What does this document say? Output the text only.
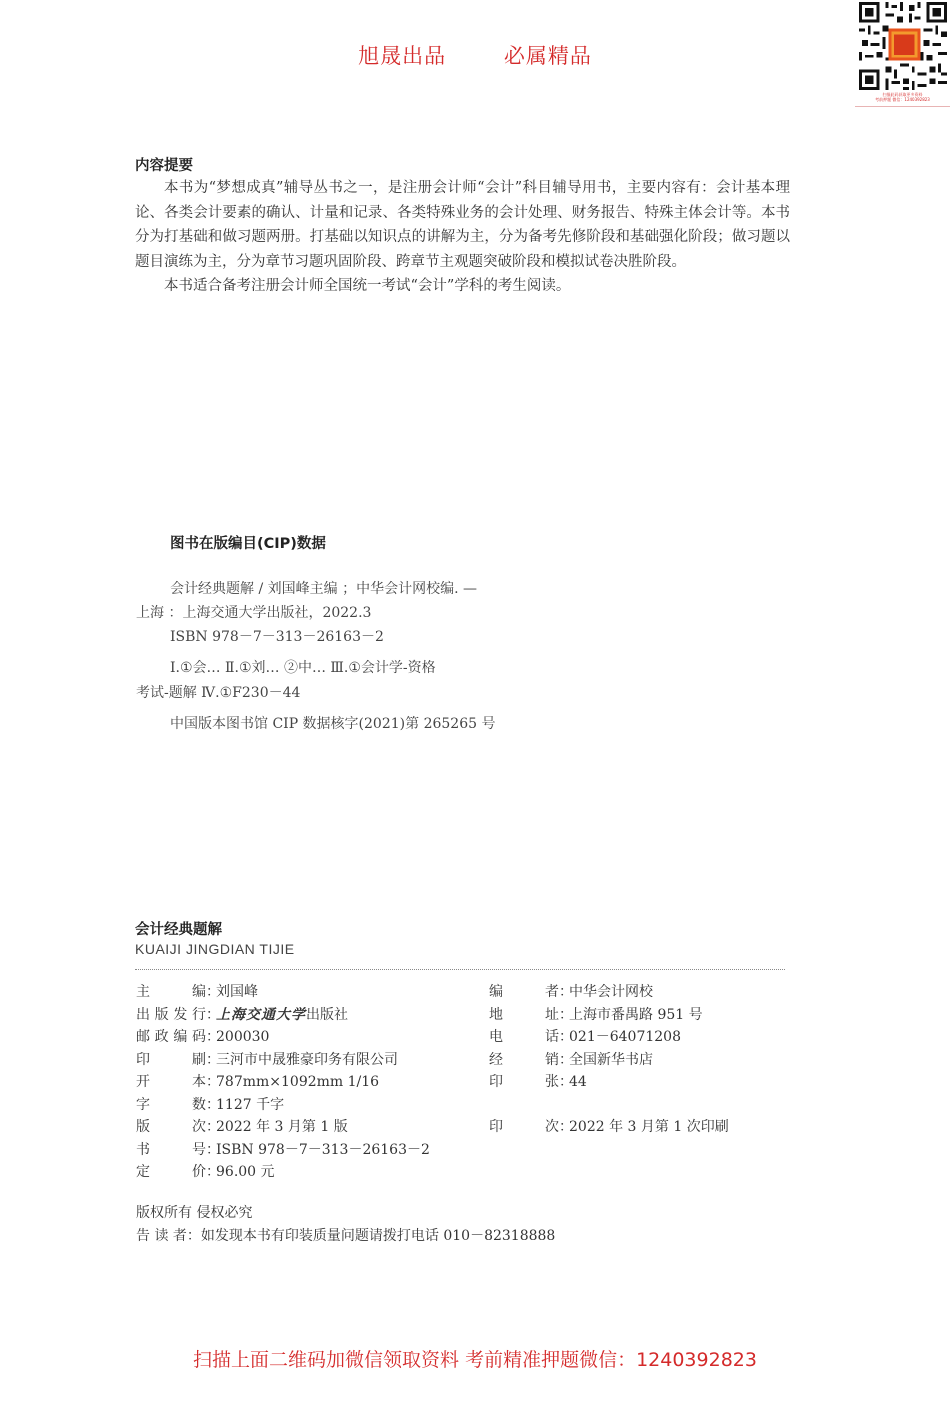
旭晟出品	必属精品
扫描此码获取更多资料
考前押题 微信：1240392823
内容提要

本书为“梦想成真”辅导丛书之一，是注册会计师“会计”科目辅导用书，主要内容有：会计基本理论、各类会计要素的确认、计量和记录、各类特殊业务的会计处理、财务报告、特殊主体会计等。本书分为打基础和做习题两册。打基础以知识点的讲解为主，分为备考先修阶段和基础强化阶段；做习题以题目演练为主，分为章节习题巩固阶段、跨章节主观题突破阶段和模拟试卷决胜阶段。

本书适合备考注册会计师全国统一考试“会计”学科的考生阅读。

图书在版编目(CIP)数据
会计经典题解 / 刘国峰主编 ；中华会计网校编. —
上海 ：上海交通大学出版社，2022.3
ISBN 978－7－313－26163－2
Ⅰ.①会… Ⅱ.①刘… ②中… Ⅲ.①会计学-资格
考试-题解 Ⅳ.①F230－44
中国版本图书馆 CIP 数据核字(2021)第 265265 号
会计经典题解
KUAIJI JINGDIAN TIJIE
主编 ：
刘国峰
出版发行 ：
上海交通大学 出版社
邮政编码 ：
200030
印刷 ：
三河市中晟雅豪印务有限公司
开本 ：
787mm×1092mm 1/16
字数 ：
1127 千字
版次 ：
2022 年 3 月第 1 版
书号 ：
ISBN 978－7－313－26163－2
定价 ：
96.00 元
编者 ：
中华会计网校
地址 ：
上海市番禺路 951 号
电话 ：
021－64071208
经销 ：
全国新华书店
印张 ：
44
印次 ：
2022 年 3 月第 1 次印刷
版权所有 侵权必究
告 读 者：如发现本书有印装质量问题请拨打电话 010－82318888
扫描上面二维码加微信领取资料 考前精准押题微信：1240392823
